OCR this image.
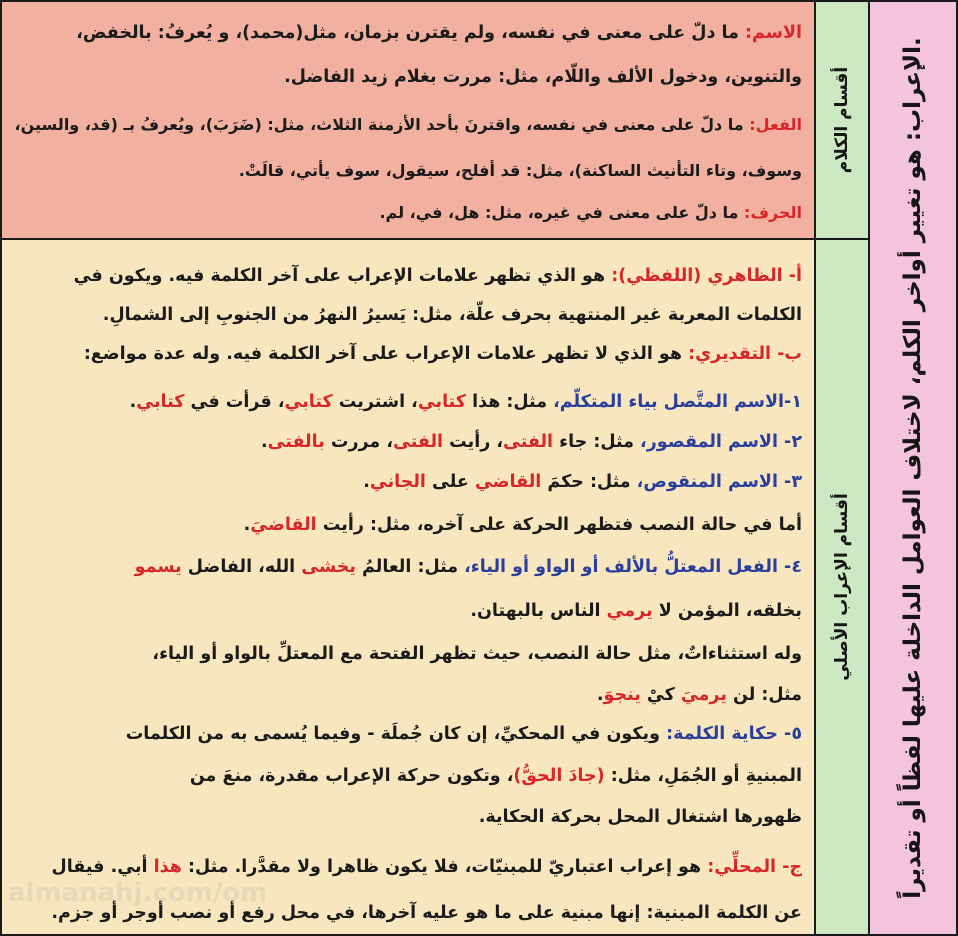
الإعراب: هو تغيير أواخر الكلم، لاختلاف العوامل الداخلة عليها لفظاً أو تقديراً.
أقسام الكلام
أقسام الإعراب الأصلي
الاسم: ما دلّ على معنى في نفسه، ولم يقترن بزمان، مثل(محمد)، و يُعرفُ: بالخفض،
والتنوين، ودخول الألف واللّام، مثل: مررت بغلام زيد الفاضل.
الفعل: ما دلّ على معنى في نفسه، واقترنَ بأحد الأزمنة الثلاث، مثل: (ضَرَبَ)، ويُعرفُ بـ (قد، والسين،
وسوف، وتاء التأنيث الساكنة)، مثل: قد أفلح، سيقول، سوف يأتي، قالَتْ.
الحرف: ما دلّ على معنى في غيره، مثل: هل، في، لم.
أ- الظاهري (اللفظي): هو الذي تظهر علامات الإعراب على آخر الكلمة فيه. ويكون في
الكلمات المعربة غير المنتهية بحرف علّة، مثل: يَسيرُ النهرُ من الجنوبِ إلى الشمالِ.
ب- التقديري: هو الذي لا تظهر علامات الإعراب على آخر الكلمة فيه. وله عدة مواضع:
١-الاسم المتَّصل بياء المتكلّم، مثل: هذا كتابي، اشتريت كتابي، قرأت في كتابي.
٢- الاسم المقصور، مثل: جاء الفتى، رأيت الفتى، مررت بالفتى.
٣- الاسم المنقوص، مثل: حكمَ القاضي على الجاني.
أما في حالة النصب فتظهر الحركة على آخره، مثل: رأيت القاضيَ.
٤- الفعل المعتلُّ بالألف أو الواو أو الياء، مثل: العالمُ يخشى الله، الفاضل يسمو
بخلقه، المؤمن لا يرمي الناس بالبهتان.
وله استثناءاتٌ، مثل حالة النصب، حيث تظهر الفتحة مع المعتلِّ بالواو أو الياء،
مثل: لن يرميَ كيْ ينجوَ.
٥- حكاية الكلمة: ويكون في المحكيِّ، إن كان جُملَة - وفيما يُسمى به من الكلمات
المبنيةِ أو الجُمَلِ، مثل: (جادَ الحقُّ)، وتكون حركة الإعراب مقدرة، منعَ من
ظهورها اشتغال المحل بحركة الحكاية.
ج- المحلِّي: هو إعراب اعتباريّ للمبنيّات، فلا يكون ظاهرا ولا مقدَّرا. مثل: هذا أبي. فيقال
عن الكلمة المبنية: إنها مبنية على ما هو عليه آخرها، في محل رفع أو نصب أوجر أو جزم.
almanahj.com/om
